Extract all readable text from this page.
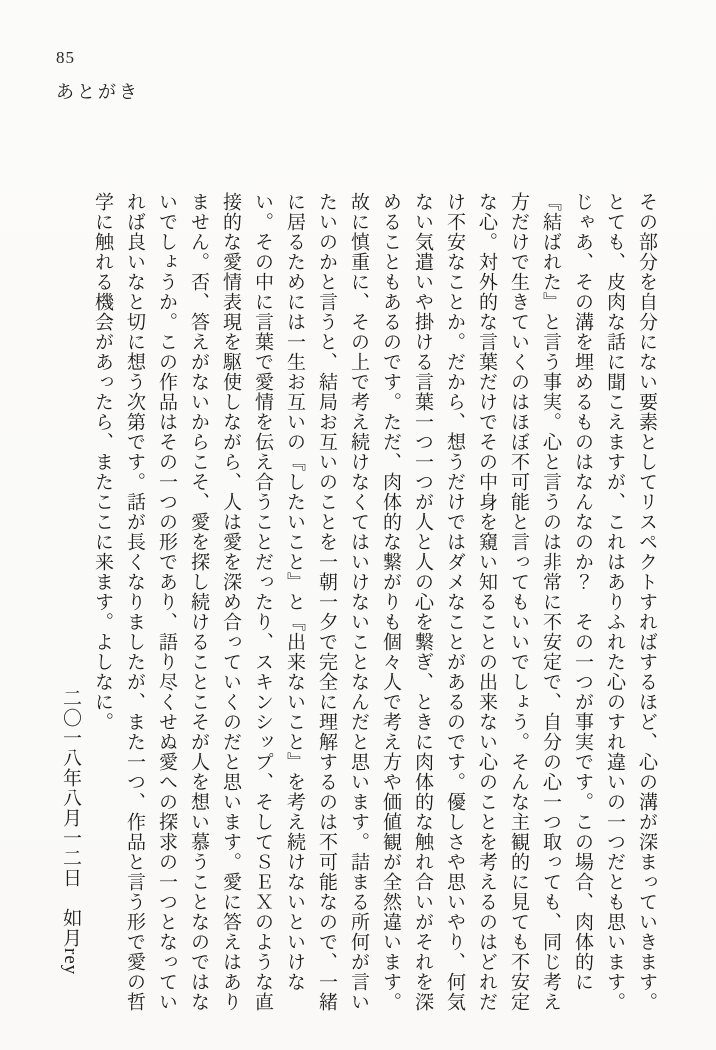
85
あとがき

その部分を自分にない要素としてリスペクトすればするほど、心の溝が深まっていきます。

とても、皮肉な話に聞こえますが、これはありふれた心のすれ違いの一つだとも思います。

じゃあ、その溝を埋めるものはなんなのか？　その一つが事実です。この場合、肉体的に

『結ばれた』と言う事実。心と言うのは非常に不安定で、自分の心一つ取っても、同じ考え

方だけで生きていくのはほぼ不可能と言ってもいいでしょう。そんな主観的に見ても不安定

な心。対外的な言葉だけでその中身を窺い知ることの出来ない心のことを考えるのはどれだ

け不安なことか。だから、想うだけではダメなことがあるのです。優しさや思いやり、何気

ない気遣いや掛ける言葉一つ一つが人と人の心を繋ぎ、ときに肉体的な触れ合いがそれを深

めることもあるのです。ただ、肉体的な繋がりも個々人で考え方や価値観が全然違います。

故に慎重に、その上で考え続けなくてはいけないことなんだと思います。詰まる所何が言い

たいのかと言うと、結局お互いのことを一朝一夕で完全に理解するのは不可能なので、一緒

に居るためには一生お互いの『したいこと』と『出来ないこと』を考え続けないといけな

い。その中に言葉で愛情を伝え合うことだったり、スキンシップ、そしてＳＥＸのような直

接的な愛情表現を駆使しながら、人は愛を深め合っていくのだと思います。愛に答えはあり

ません。否、答えがないからこそ、愛を探し続けることこそが人を想い慕うことなのではな

いでしょうか。この作品はその一つの形であり、語り尽くせぬ愛への探求の一つとなってい

れば良いなと切に想う次第です。話が長くなりましたが、また一つ、作品と言う形で愛の哲

学に触れる機会があったら、またここに来ます。よしなに。

二〇一八年八月一二日　如月rey
